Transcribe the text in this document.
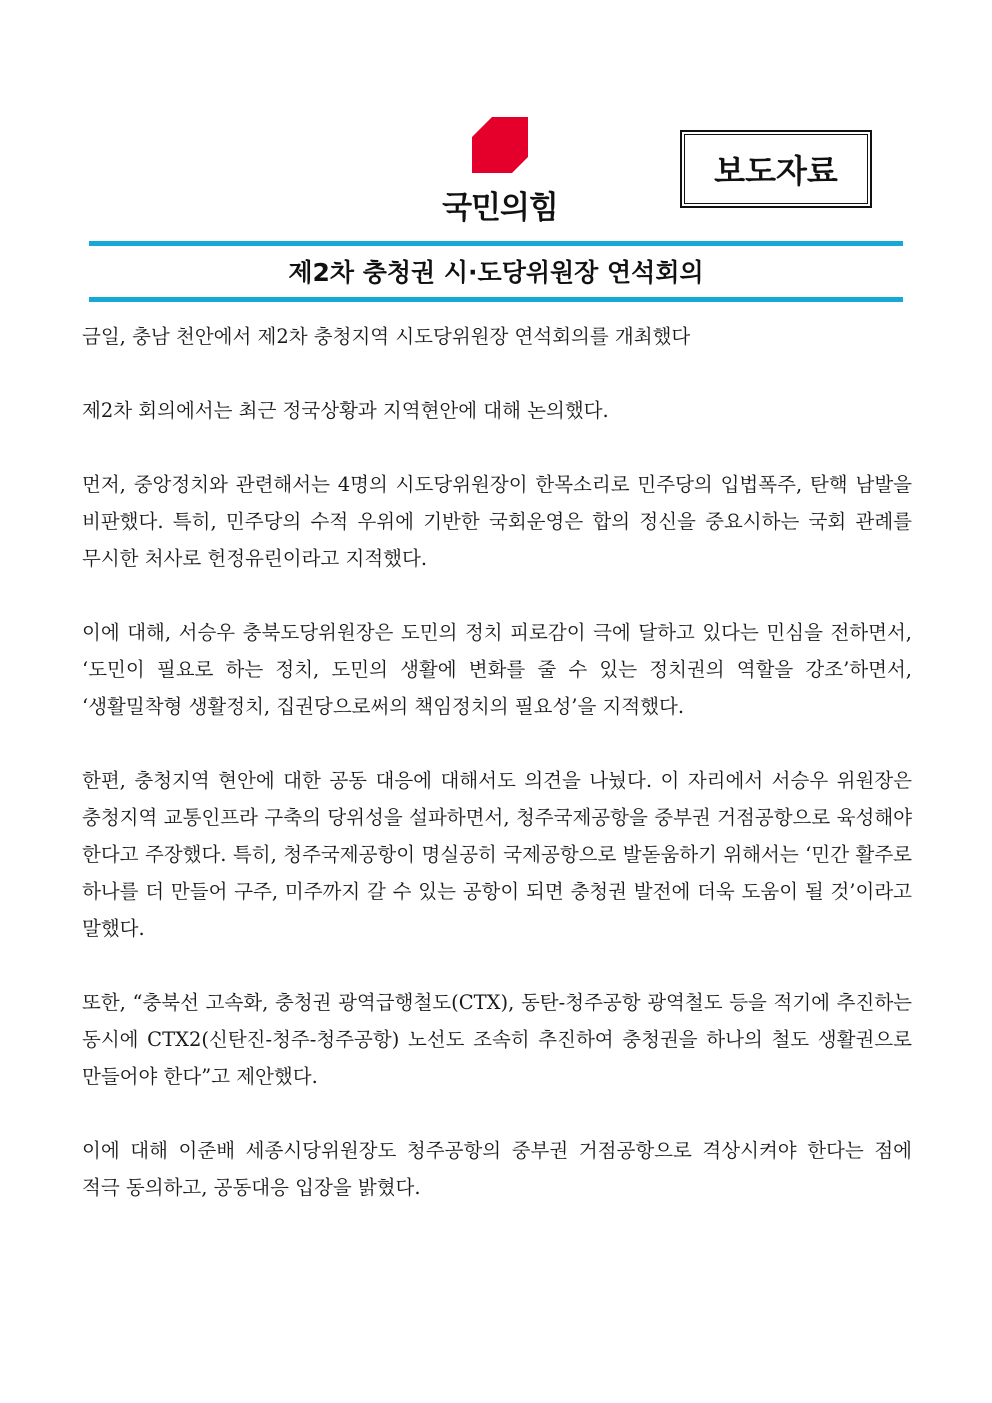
국민의힘
보도자료
제2차 충청권 시·도당위원장 연석회의

금일, 충남 천안에서 제2차 충청지역 시도당위원장 연석회의를 개최했다

제2차 회의에서는 최근 정국상황과 지역현안에 대해 논의했다.

먼저, 중앙정치와 관련해서는 4명의 시도당위원장이 한목소리로 민주당의 입법폭주, 탄핵 남발을 비판했다. 특히, 민주당의 수적 우위에 기반한 국회운영은 합의 정신을 중요시하는 국회 관례를 무시한 처사로 헌정유린이라고 지적했다.

이에 대해, 서승우 충북도당위원장은 도민의 정치 피로감이 극에 달하고 있다는 민심을 전하면서, ‘도민이 필요로 하는 정치, 도민의 생활에 변화를 줄 수 있는 정치권의 역할을 강조’하면서, ‘생활밀착형 생활정치, 집권당으로써의 책임정치의 필요성’을 지적했다.

한편, 충청지역 현안에 대한 공동 대응에 대해서도 의견을 나눴다. 이 자리에서 서승우 위원장은 충청지역 교통인프라 구축의 당위성을 설파하면서, 청주국제공항을 중부권 거점공항으로 육성해야 한다고 주장했다. 특히, 청주국제공항이 명실공히 국제공항으로 발돋움하기 위해서는 ‘민간 활주로 하나를 더 만들어 구주, 미주까지 갈 수 있는 공항이 되면 충청권 발전에 더욱 도움이 될 것’이라고 말했다.

또한, “충북선 고속화, 충청권 광역급행철도(CTX), 동탄-청주공항 광역철도 등을 적기에 추진하는 동시에 CTX2(신탄진-청주-청주공항) 노선도 조속히 추진하여 충청권을 하나의 철도 생활권으로 만들어야 한다”고 제안했다.

이에 대해 이준배 세종시당위원장도 청주공항의 중부권 거점공항으로 격상시켜야 한다는 점에 적극 동의하고, 공동대응 입장을 밝혔다.
